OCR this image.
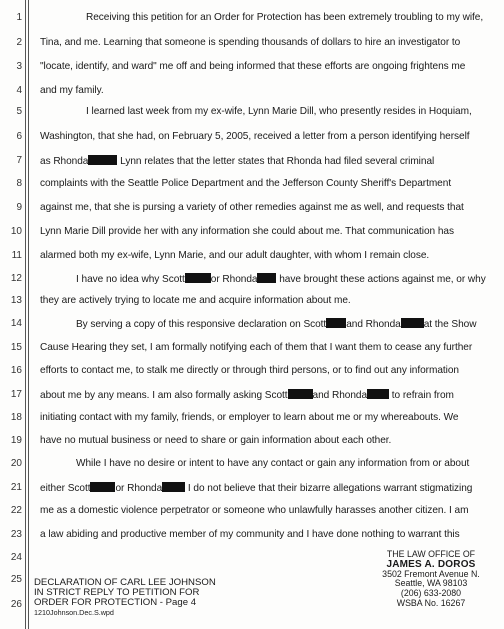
1
2
3
4
5
6
7
8
9
10
11
12
13
14
15
16
17
18
19
20
21
22
23
24
25
26
Receiving this petition for an Order for Protection has been extremely troubling to my wife,
Tina, and me. Learning that someone is spending thousands of dollars to hire an investigator to
"locate, identify, and ward" me off and being informed that these efforts are ongoing frightens me
and my family.
I learned last week from my ex-wife, Lynn Marie Dill, who presently resides in Hoquiam,
Washington, that she had, on February 5, 2005, received a letter from a person identifying herself
as Rhonda	Lynn relates that the letter states that Rhonda had filed several criminal
complaints with the Seattle Police Department and the Jefferson County Sheriff's Department
against me, that she is pursing a variety of other remedies against me as well, and requests that
Lynn Marie Dill provide her with any information she could about me. That communication has
alarmed both my ex-wife, Lynn Marie, and our adult daughter, with whom I remain close.
I have no idea why Scott	or Rhonda have brought these actions against me, or why
they are actively trying to locate me and acquire information about me.
By serving a copy of this responsive declaration on Scott and Rhonda at the Show
Cause Hearing they set, I am formally notifying each of them that I want them to cease any further
efforts to contact me, to stalk me directly or through third persons, or to find out any information
about me by any means. I am also formally asking Scott and Rhonda to refrain from
initiating contact with my family, friends, or employer to learn about me or my whereabouts. We
have no mutual business or need to share or gain information about each other.
While I have no desire or intent to have any contact or gain any information from or about
either Scott or Rhonda	I do not believe that their bizarre allegations warrant stigmatizing
me as a domestic violence perpetrator or someone who unlawfully harasses another citizen. I am
a law abiding and productive member of my community and I have done nothing to warrant this
DECLARATION OF CARL LEE JOHNSON
IN STRICT REPLY TO PETITION FOR
ORDER FOR PROTECTION - Page 4
1210Johnson.Dec.S.wpd
THE LAW OFFICE OF
JAMES A. DOROS
3502 Fremont Avenue N.
Seattle, WA 98103
(206) 633-2080
WSBA No. 16267
